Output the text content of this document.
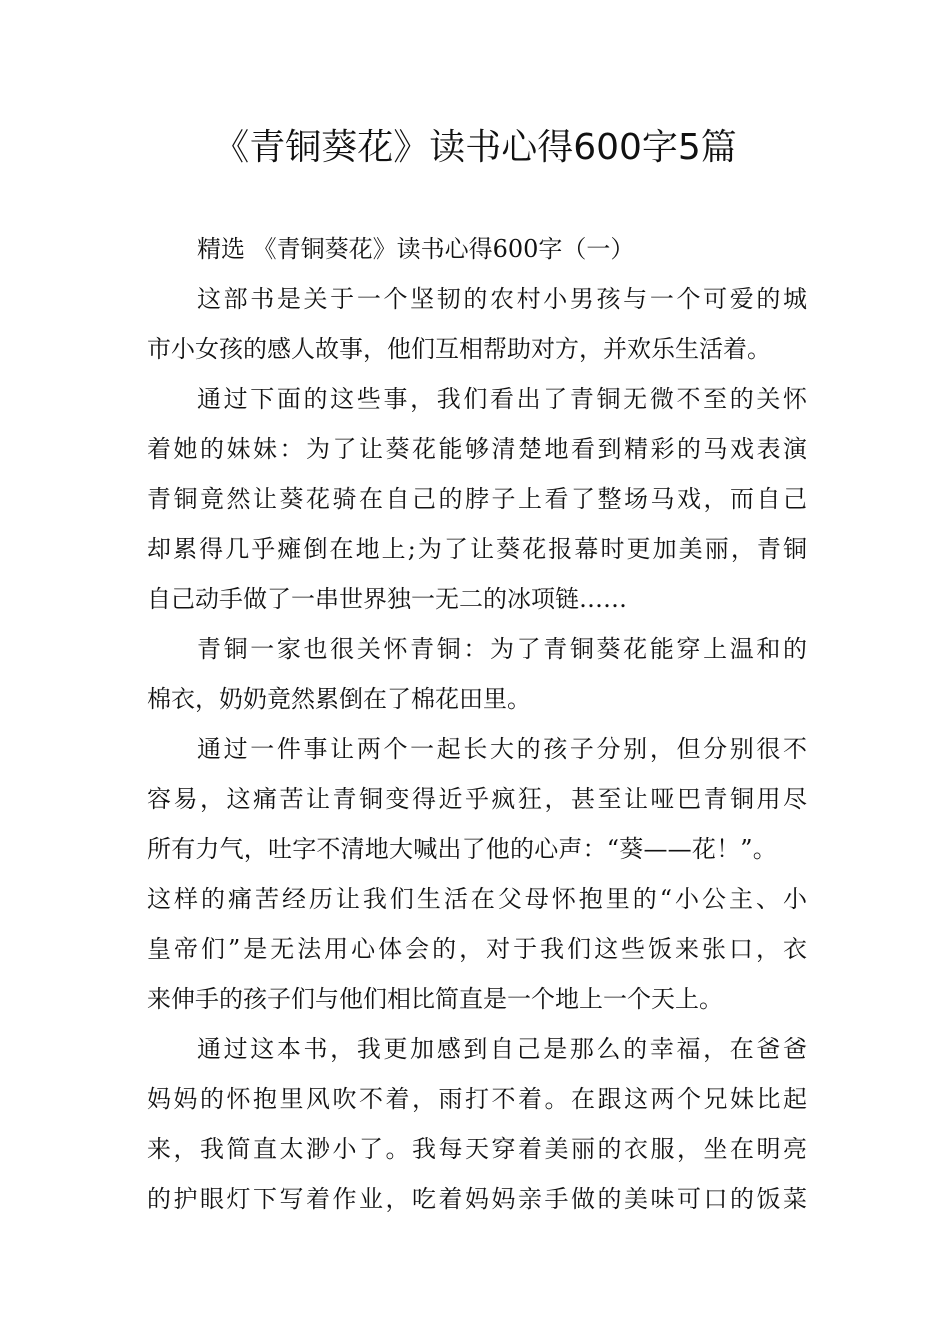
《青铜葵花》读书心得600字5篇
精选 《青铜葵花》读书心得600字（一）
这部书是关于一个坚韧的农村小男孩与一个可爱的城
市小女孩的感人故事，他们互相帮助对方，并欢乐生活着。
通过下面的这些事，我们看出了青铜无微不至的关怀
着她的妹妹：为了让葵花能够清楚地看到精彩的马戏表演
青铜竟然让葵花骑在自己的脖子上看了整场马戏，而自己
却累得几乎瘫倒在地上;为了让葵花报幕时更加美丽，青铜
自己动手做了一串世界独一无二的冰项链……
青铜一家也很关怀青铜：为了青铜葵花能穿上温和的
棉衣，奶奶竟然累倒在了棉花田里。
通过一件事让两个一起长大的孩子分别，但分别很不
容易，这痛苦让青铜变得近乎疯狂，甚至让哑巴青铜用尽
所有力气，吐字不清地大喊出了他的心声：“葵——花！”。
这样的痛苦经历让我们生活在父母怀抱里的“小公主、小
皇帝们”是无法用心体会的，对于我们这些饭来张口，衣
来伸手的孩子们与他们相比简直是一个地上一个天上。
通过这本书，我更加感到自己是那么的幸福，在爸爸
妈妈的怀抱里风吹不着，雨打不着。在跟这两个兄妹比起
来，我简直太渺小了。我每天穿着美丽的衣服，坐在明亮
的护眼灯下写着作业，吃着妈妈亲手做的美味可口的饭菜
